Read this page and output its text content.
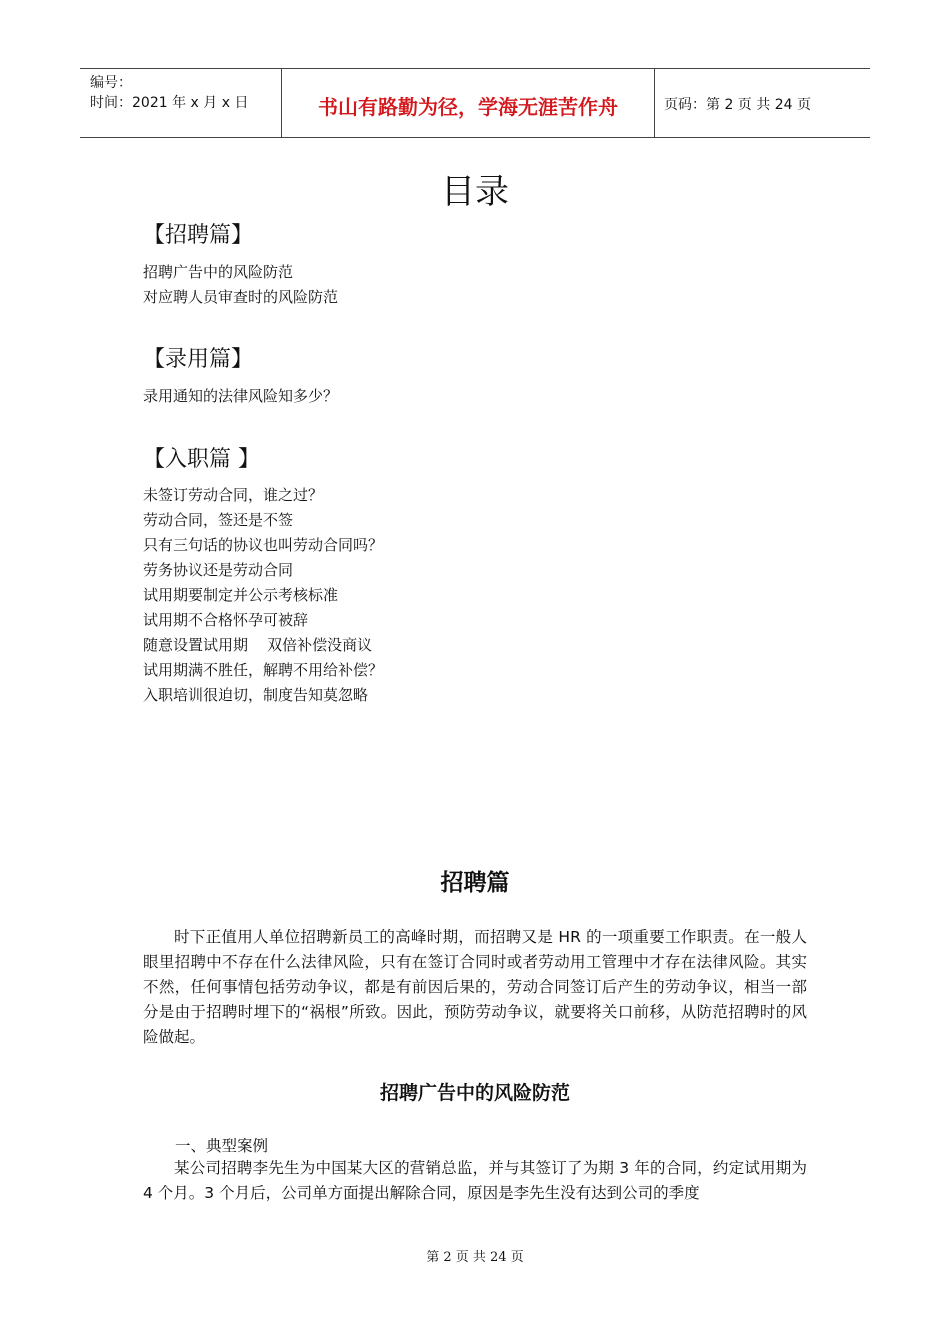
编号：
时间：2021 年 x 月 x 日	书山有路勤为径，学海无涯苦作舟	页码：第 2 页 共 24 页
目录
【招聘篇】
招聘广告中的风险防范
对应聘人员审查时的风险防范
【录用篇】
录用通知的法律风险知多少？
【入职篇 】
未签订劳动合同，谁之过？
劳动合同，签还是不签
只有三句话的协议也叫劳动合同吗？
劳务协议还是劳动合同
试用期要制定并公示考核标准
试用期不合格怀孕可被辞
随意设置试用期    双倍补偿没商议
试用期满不胜任，解聘不用给补偿？
入职培训很迫切，制度告知莫忽略
招聘篇

时下正值用人单位招聘新员工的高峰时期，而招聘又是 HR 的一项重要工作职责。在一般人眼里招聘中不存在什么法律风险，只有在签订合同时或者劳动用工管理中才存在法律风险。其实不然，任何事情包括劳动争议，都是有前因后果的，劳动合同签订后产生的劳动争议，相当一部分是由于招聘时埋下的“祸根”所致。因此，预防劳动争议，就要将关口前移，从防范招聘时的风险做起。

招聘广告中的风险防范
一、典型案例

某公司招聘李先生为中国某大区的营销总监，并与其签订了为期 3 年的合同，约定试用期为 4 个月。3 个月后，公司单方面提出解除合同，原因是李先生没有达到公司的季度

第 2 页 共 24 页
